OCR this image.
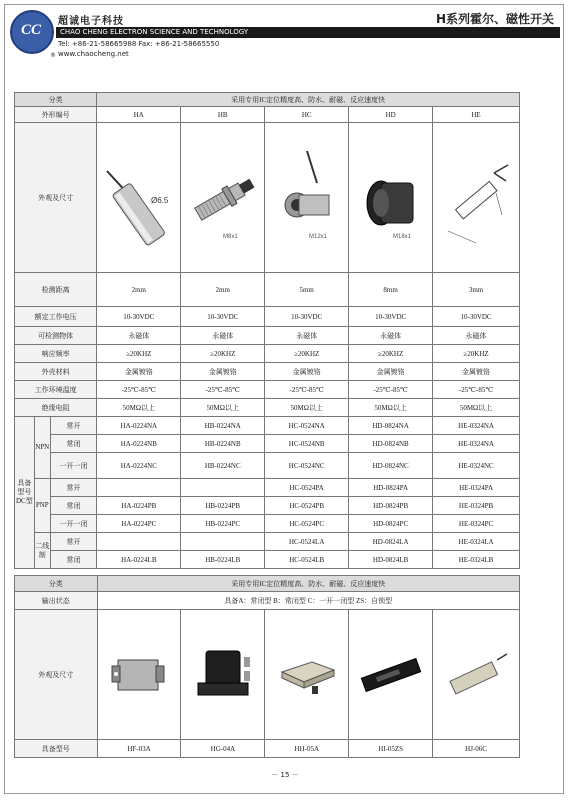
CC
®
超诚电子科技	H系列霍尔、磁性开关
CHAO CHENG ELECTRON SCIENCE AND TECHNOLOGY
Tel: +86-21-58665988 Fax: +86-21-58665550
www.chaocheng.net
分类			采用专用IC定位精度高、防水、耐磁、反应速度快				
外形编号			HA	HB	HC	HD	HE
外观及尺寸			Ø6.5	M8x1	M12x1	M18x1

检测距离			2mm	2mm	5mm	8mm	3mm
额定工作电压			10-30VDC	10-30VDC	10-30VDC	10-30VDC	10-30VDC
可检测物体			永磁体	永磁体	永磁体	永磁体	永磁体
响应频率			≥20KHZ	≥20KHZ	≥20KHZ	≥20KHZ	≥20KHZ
外壳材料			金属镀铬	金属镀铬	金属镀铬	金属镀铬	金属镀铬
工作环境温度			-25℃-85℃	-25℃-85℃	-25℃-85℃	-25℃-85℃	-25℃-85℃
绝缘电阻			50MΩ以上	50MΩ以上	50MΩ以上	50MΩ以上	50MΩ以上
具备型号DC型	NPN	常开	HA-0224NA	HB-0224NA	HC-0524NA	HD-0824NA	HE-0324NA
		常闭	HA-0224NB	HB-0224NB	HC-0524NB	HD-0824NB	HE-0324NA
		一开一闭	HA-0224NC	HB-0224NC	HC-0524NC	HD-0824NC	HE-0324NC
	PNP	常开			HC-0524PA	HD-0824PA	HE-0324PA
		常闭	HA-0224PB	HB-0224PB	HC-0524PB	HD-0824PB	HE-0324PB
		一开一闭	HA-0224PC	HB-0224PC	HC-0524PC	HD-0824PC	HE-0324PC
	二线制	常开			HC-0524LA	HD-0824LA	HE-0324LA
		常闭	HA-0224LB	HB-0224LB	HC-0524LB	HD-0824LB	HE-0324LB
分类	采用专用IC定位精度高、防水、耐磁、反应速度快				
输出状态	具备A：常闭型 B：常闭型 C：一开一闭型 ZS：自锁型				
外观及尺寸	

具备型号	HF-03A	HG-04A	HH-05A	HI-05ZS	HJ-06C
－ 15 －
